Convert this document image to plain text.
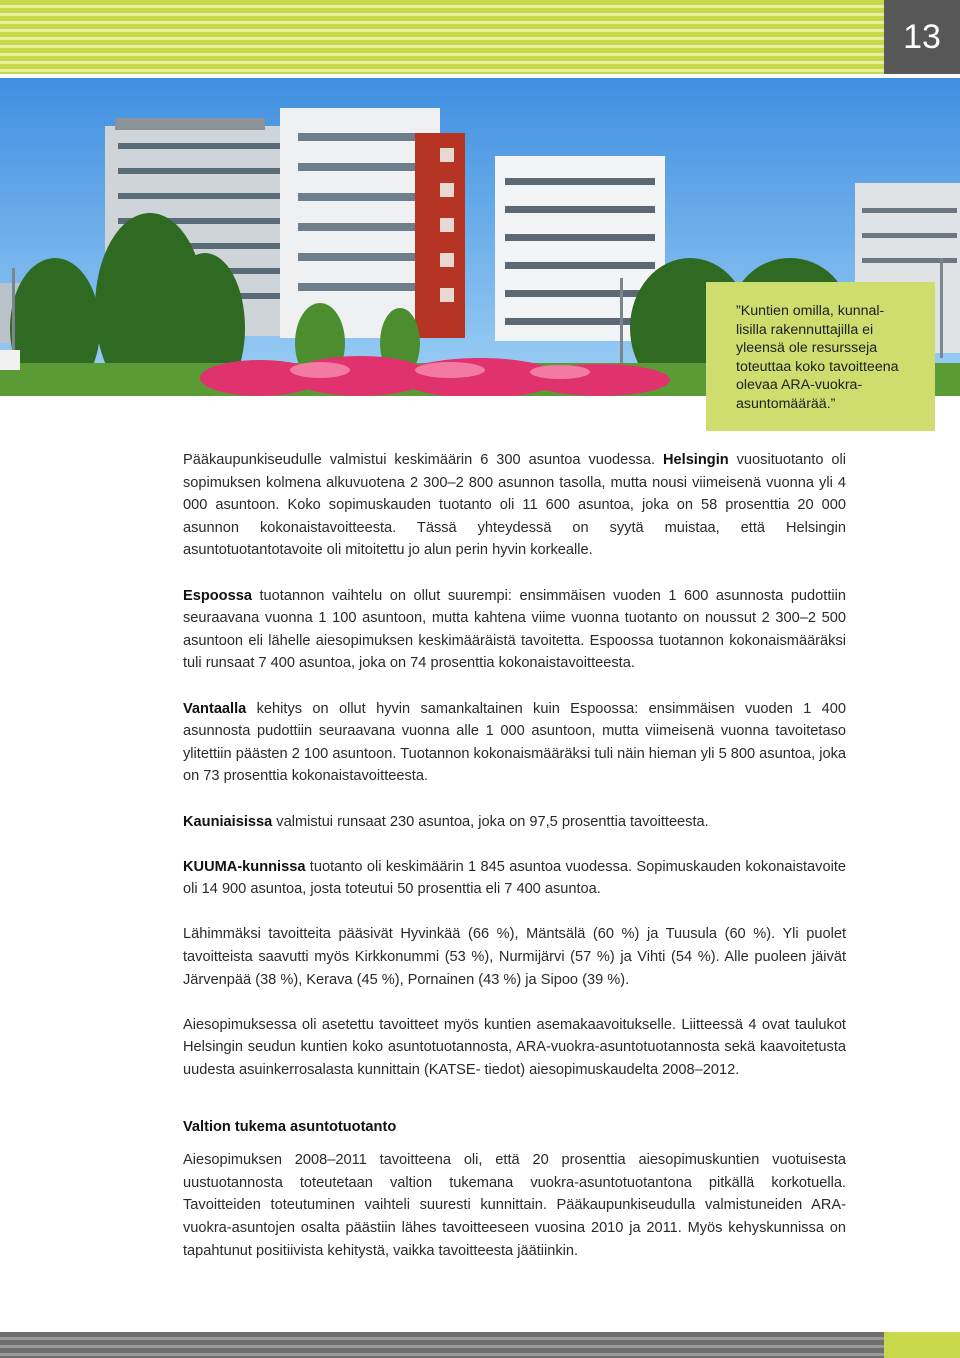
13
”Kuntien omilla, kunnal-
lisilla rakennuttajilla ei
yleensä ole resursseja
toteuttaa koko tavoitteena
olevaa ARA-vuokra-
asuntomäärää.”

Pääkaupunkiseudulle valmistui keskimäärin 6 300 asuntoa vuodessa. Helsingin vuosituotanto oli sopimuksen kolmena alkuvuotena 2 300–2 800 asunnon tasolla, mutta nousi viimeisenä vuonna yli 4 000 asuntoon. Koko sopimuskauden tuotanto oli 11 600 asuntoa, joka on 58 prosenttia 20 000 asunnon kokonaistavoitteesta. Tässä yhteydessä on syytä muistaa, että Helsingin asuntotuotantotavoite oli mitoitettu jo alun perin hyvin korkealle.

Espoossa tuotannon vaihtelu on ollut suurempi: ensimmäisen vuoden 1 600 asunnosta pudottiin seuraavana vuonna 1 100 asuntoon, mutta kahtena viime vuonna tuotanto on noussut 2 300–2 500 asuntoon eli lähelle aiesopimuksen keskimääräistä tavoitetta. Espoossa tuotannon kokonaismääräksi tuli runsaat 7 400 asuntoa, joka on 74 prosenttia kokonaistavoitteesta.

Vantaalla kehitys on ollut hyvin samankaltainen kuin Espoossa: ensimmäisen vuoden 1 400 asunnosta pudottiin seuraavana vuonna alle 1 000 asuntoon, mutta viimeisenä vuonna tavoitetaso ylitettiin päästen 2 100 asuntoon. Tuotannon kokonaismääräksi tuli näin hieman yli 5 800 asuntoa, joka on 73 prosenttia kokonaistavoitteesta.

Kauniaisissa valmistui runsaat 230 asuntoa, joka on 97,5 prosenttia tavoitteesta.

KUUMA-kunnissa tuotanto oli keskimäärin 1 845 asuntoa vuodessa. Sopimuskauden kokonaistavoite oli 14 900 asuntoa, josta toteutui 50 prosenttia eli 7 400 asuntoa.

Lähimmäksi tavoitteita pääsivät Hyvinkää (66 %), Mäntsälä (60 %) ja Tuusula (60 %). Yli puolet tavoitteista saavutti myös Kirkkonummi (53 %), Nurmijärvi (57 %) ja Vihti (54 %). Alle puoleen jäivät Järvenpää (38 %), Kerava (45 %), Pornainen (43 %) ja Sipoo (39 %).

Aiesopimuksessa oli asetettu tavoitteet myös kuntien asemakaavoitukselle. Liitteessä 4 ovat taulukot Helsingin seudun kuntien koko asuntotuotannosta, ARA-vuokra-asuntotuotannosta sekä kaavoitetusta uudesta asuinkerrosalasta kunnittain (KATSE- tiedot) aiesopimuskaudelta 2008–2012.

Valtion tukema asuntotuotanto

Aiesopimuksen 2008–2011 tavoitteena oli, että 20 prosenttia aiesopimuskuntien vuotuisesta uustuotannosta toteutetaan valtion tukemana vuokra-asuntotuotantona pitkällä korkotuella. Tavoitteiden toteutuminen vaihteli suuresti kunnittain. Pääkaupunkiseudulla valmistuneiden ARA-vuokra-asuntojen osalta päästiin lähes tavoitteeseen vuosina 2010 ja 2011. Myös kehyskunnissa on tapahtunut positiivista kehitystä, vaikka tavoitteesta jäätiinkin.
